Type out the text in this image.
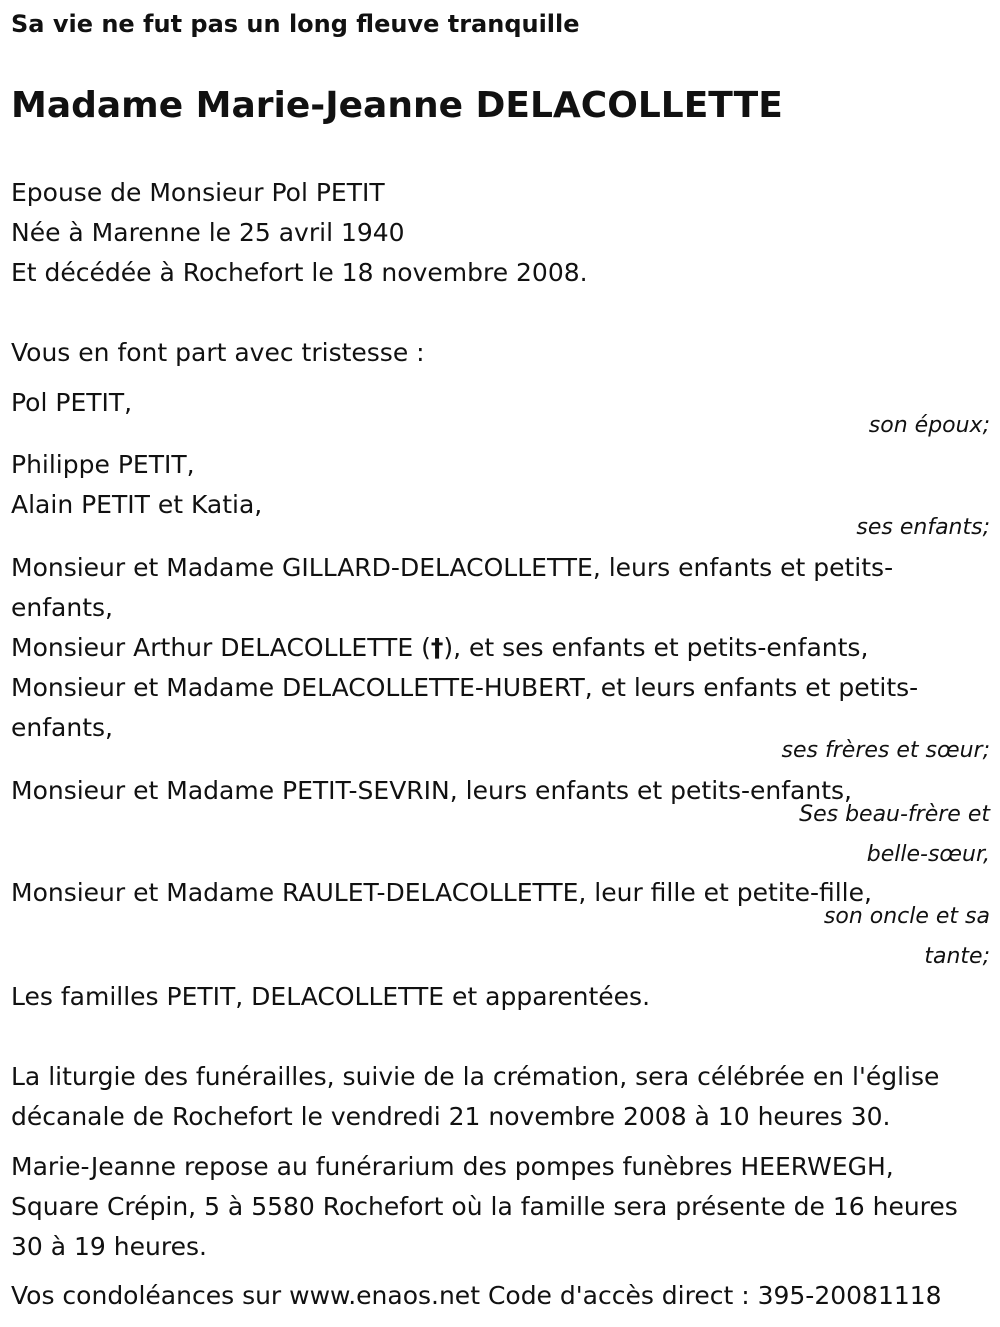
Sa vie ne fut pas un long fleuve tranquille
Madame Marie-Jeanne DELACOLLETTE
Epouse de Monsieur Pol PETIT
Née à Marenne le 25 avril 1940
Et décédée à Rochefort le 18 novembre 2008.
Vous en font part avec tristesse :
Pol PETIT,
son époux;
Philippe PETIT,
Alain PETIT et Katia,
ses enfants;
Monsieur et Madame GILLARD-DELACOLLETTE, leurs enfants et petits-enfants,
Monsieur Arthur DELACOLLETTE (†), et ses enfants et petits-enfants,
Monsieur et Madame DELACOLLETTE-HUBERT, et leurs enfants et petits-enfants,
ses frères et sœur;
Monsieur et Madame PETIT-SEVRIN, leurs enfants et petits-enfants,
Ses beau-frère et
belle-sœur,
Monsieur et Madame RAULET-DELACOLLETTE, leur fille et petite-fille,
son oncle et sa
tante;
Les familles PETIT, DELACOLLETTE et apparentées.
La liturgie des funérailles, suivie de la crémation, sera célébrée en l'église décanale de Rochefort le vendredi 21 novembre 2008 à 10 heures 30.
Marie-Jeanne repose au funérarium des pompes funèbres HEERWEGH, Square Crépin, 5 à 5580 Rochefort où la famille sera présente de 16 heures 30 à 19 heures.
Vos condoléances sur www.enaos.net Code d'accès direct : 395-20081118
